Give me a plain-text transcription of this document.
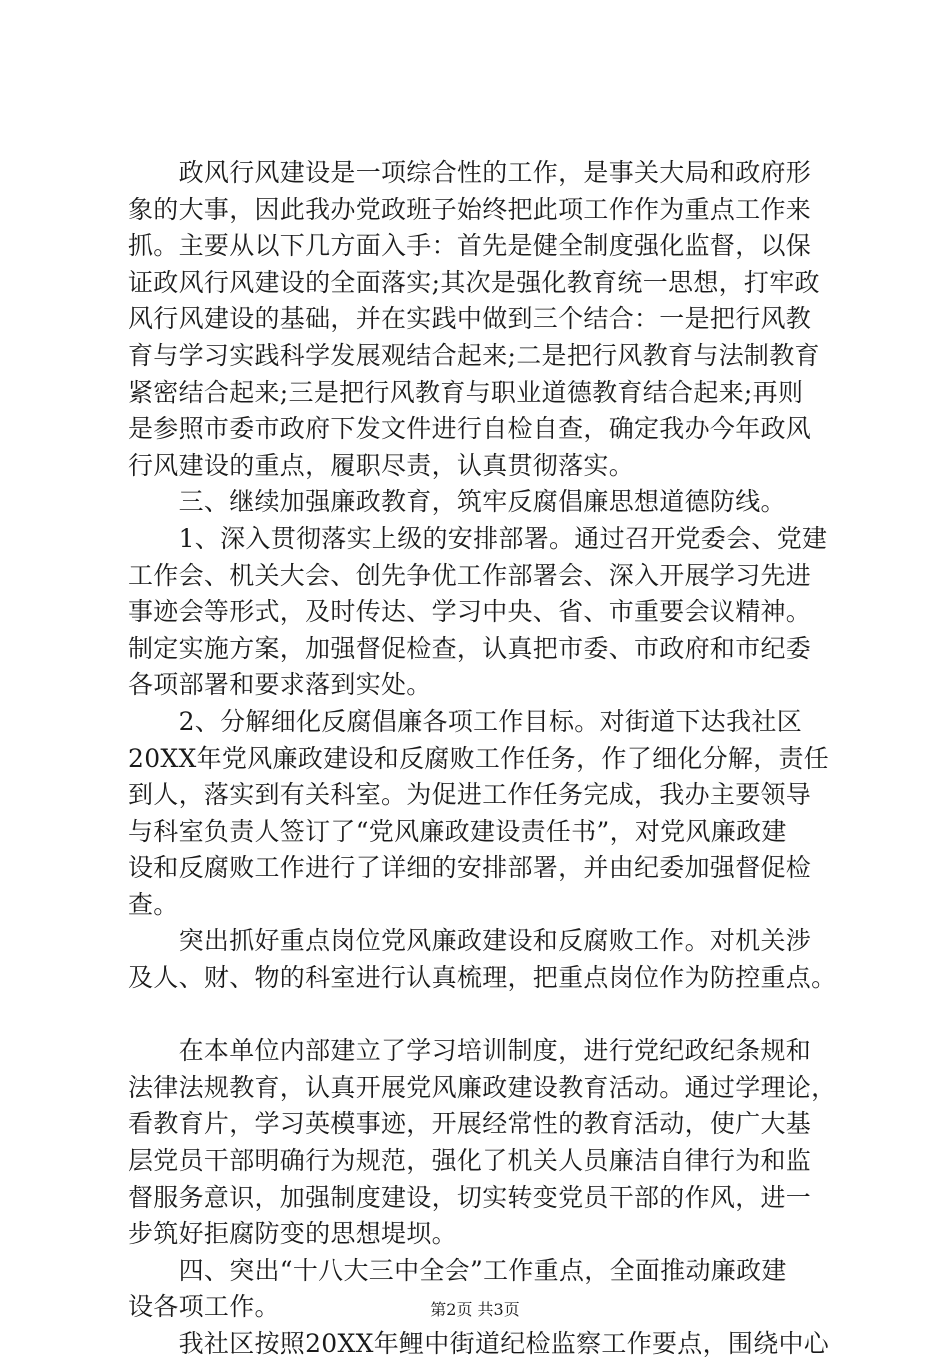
　　政风行风建设是一项综合性的工作，是事关大局和政府形
象的大事，因此我办党政班子始终把此项工作作为重点工作来
抓。主要从以下几方面入手：首先是健全制度强化监督，以保
证政风行风建设的全面落实;其次是强化教育统一思想，打牢政
风行风建设的基础，并在实践中做到三个结合：一是把行风教
育与学习实践科学发展观结合起来;二是把行风教育与法制教育
紧密结合起来;三是把行风教育与职业道德教育结合起来;再则
是参照市委市政府下发文件进行自检自查，确定我办今年政风
行风建设的重点，履职尽责，认真贯彻落实。
　　三、继续加强廉政教育，筑牢反腐倡廉思想道德防线。
　　1、深入贯彻落实上级的安排部署。通过召开党委会、党建
工作会、机关大会、创先争优工作部署会、深入开展学习先进
事迹会等形式，及时传达、学习中央、省、市重要会议精神。
制定实施方案，加强督促检查，认真把市委、市政府和市纪委
各项部署和要求落到实处。
　　2、分解细化反腐倡廉各项工作目标。对街道下达我社区
20XX年党风廉政建设和反腐败工作任务，作了细化分解，责任
到人，落实到有关科室。为促进工作任务完成，我办主要领导
与科室负责人签订了“党风廉政建设责任书”，对党风廉政建
设和反腐败工作进行了详细的安排部署，并由纪委加强督促检
查。
　　突出抓好重点岗位党风廉政建设和反腐败工作。对机关涉
及人、财、物的科室进行认真梳理，把重点岗位作为防控重点。
　　在本单位内部建立了学习培训制度，进行党纪政纪条规和
法律法规教育，认真开展党风廉政建设教育活动。通过学理论，
看教育片，学习英模事迹，开展经常性的教育活动，使广大基
层党员干部明确行为规范，强化了机关人员廉洁自律行为和监
督服务意识，加强制度建设，切实转变党员干部的作风，进一
步筑好拒腐防变的思想堤坝。
　　四、突出“十八大三中全会”工作重点，全面推动廉政建
设各项工作。
　　我社区按照20XX年鲤中街道纪检监察工作要点，围绕中心
第2页 共3页
